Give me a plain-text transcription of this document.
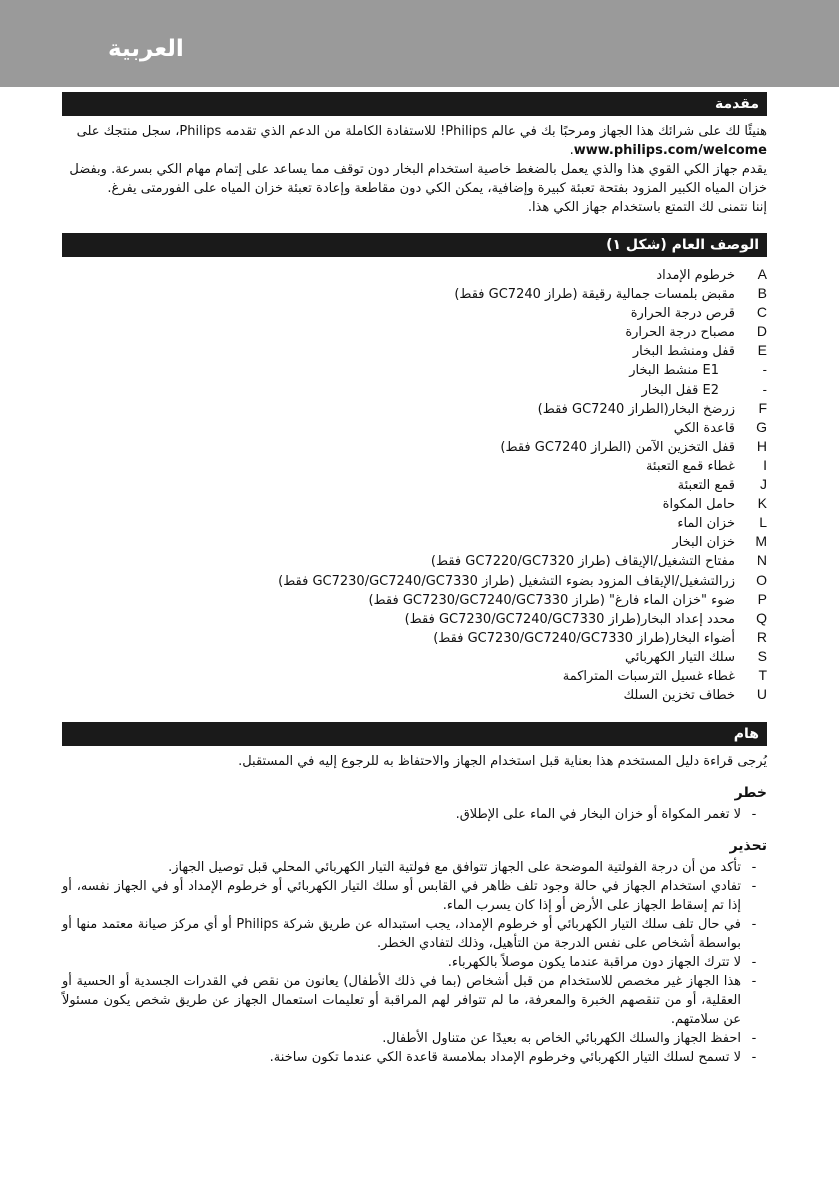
العربية
مقدمة

هنيئًا لك على شرائك هذا الجهاز ومرحبًا بك في عالم Philips! للاستفادة الكاملة من الدعم الذي تقدمه Philips، سجل منتجك على www.philips.com/welcome.

يقدم جهاز الكي القوي هذا والذي يعمل بالضغط خاصية استخدام البخار دون توقف مما يساعد على إتمام مهام الكي بسرعة. وبفضل خزان المياه الكبير المزود بفتحة تعبئة كبيرة وإضافية، يمكن الكي دون مقاطعة وإعادة تعبئة خزان المياه على الفورمتى يفرغ.

إننا نتمنى لك التمتع باستخدام جهاز الكي هذا.

الوصف العام (شكل ١)
Aخرطوم الإمداد
Bمقبض بلمسات جمالية رقيقة (طراز GC7240 فقط)
Cقرص درجة الحرارة
Dمصباح درجة الحرارة
Eقفل ومنشط البخار
-E1 منشط البخار
-E2 قفل البخار
Fزرضخ البخار(الطراز GC7240 فقط)
Gقاعدة الكي
Hقفل التخزين الآمن (الطراز GC7240 فقط)
Iغطاء قمع التعبئة
Jقمع التعبئة
Kحامل المكواة
Lخزان الماء
Mخزان البخار
Nمفتاح التشغيل/الإيقاف (طراز GC7220/GC7320 فقط)
Oزرالتشغيل/الإيقاف المزود بضوء التشغيل (طراز GC7230/GC7240/GC7330 فقط)
Pضوء "خزان الماء فارغ" (طراز GC7230/GC7240/GC7330 فقط)
Qمحدد إعداد البخار(طراز GC7230/GC7240/GC7330 فقط)
Rأضواء البخار(طراز GC7230/GC7240/GC7330 فقط)
Sسلك التيار الكهربائي
Tغطاء غسيل الترسبات المتراكمة
Uخطاف تخزين السلك
هام

يُرجى قراءة دليل المستخدم هذا بعناية قبل استخدام الجهاز والاحتفاظ به للرجوع إليه في المستقبل.

خطر
-
لا تغمر المكواة أو خزان البخار في الماء على الإطلاق.
تحذير
-
تأكد من أن درجة الفولتية الموضحة على الجهاز تتوافق مع فولتية التيار الكهربائي المحلي قبل توصيل الجهاز.
-
تفادي استخدام الجهاز في حالة وجود تلف ظاهر في القابس أو سلك التيار الكهربائي أو خرطوم الإمداد أو في الجهاز نفسه، أو إذا تم إسقاط الجهاز على الأرض أو إذا كان يسرب الماء.
-
في حال تلف سلك التيار الكهربائي أو خرطوم الإمداد، يجب استبداله عن طريق شركة Philips أو أي مركز صيانة معتمد منها أو بواسطة أشخاص على نفس الدرجة من التأهيل، وذلك لتفادي الخطر.
-
لا تترك الجهاز دون مراقبة عندما يكون موصلاً بالكهرباء.
-
هذا الجهاز غير مخصص للاستخدام من قبل أشخاص (بما في ذلك الأطفال) يعانون من نقص في القدرات الجسدية أو الحسية أو العقلية، أو من تنقصهم الخبرة والمعرفة، ما لم تتوافر لهم المراقبة أو تعليمات استعمال الجهاز عن طريق شخص يكون مسئولاً عن سلامتهم.
-
احفظ الجهاز والسلك الكهربائي الخاص به بعيدًا عن متناول الأطفال.
-
لا تسمح لسلك التيار الكهربائي وخرطوم الإمداد بملامسة قاعدة الكي عندما تكون ساخنة.
